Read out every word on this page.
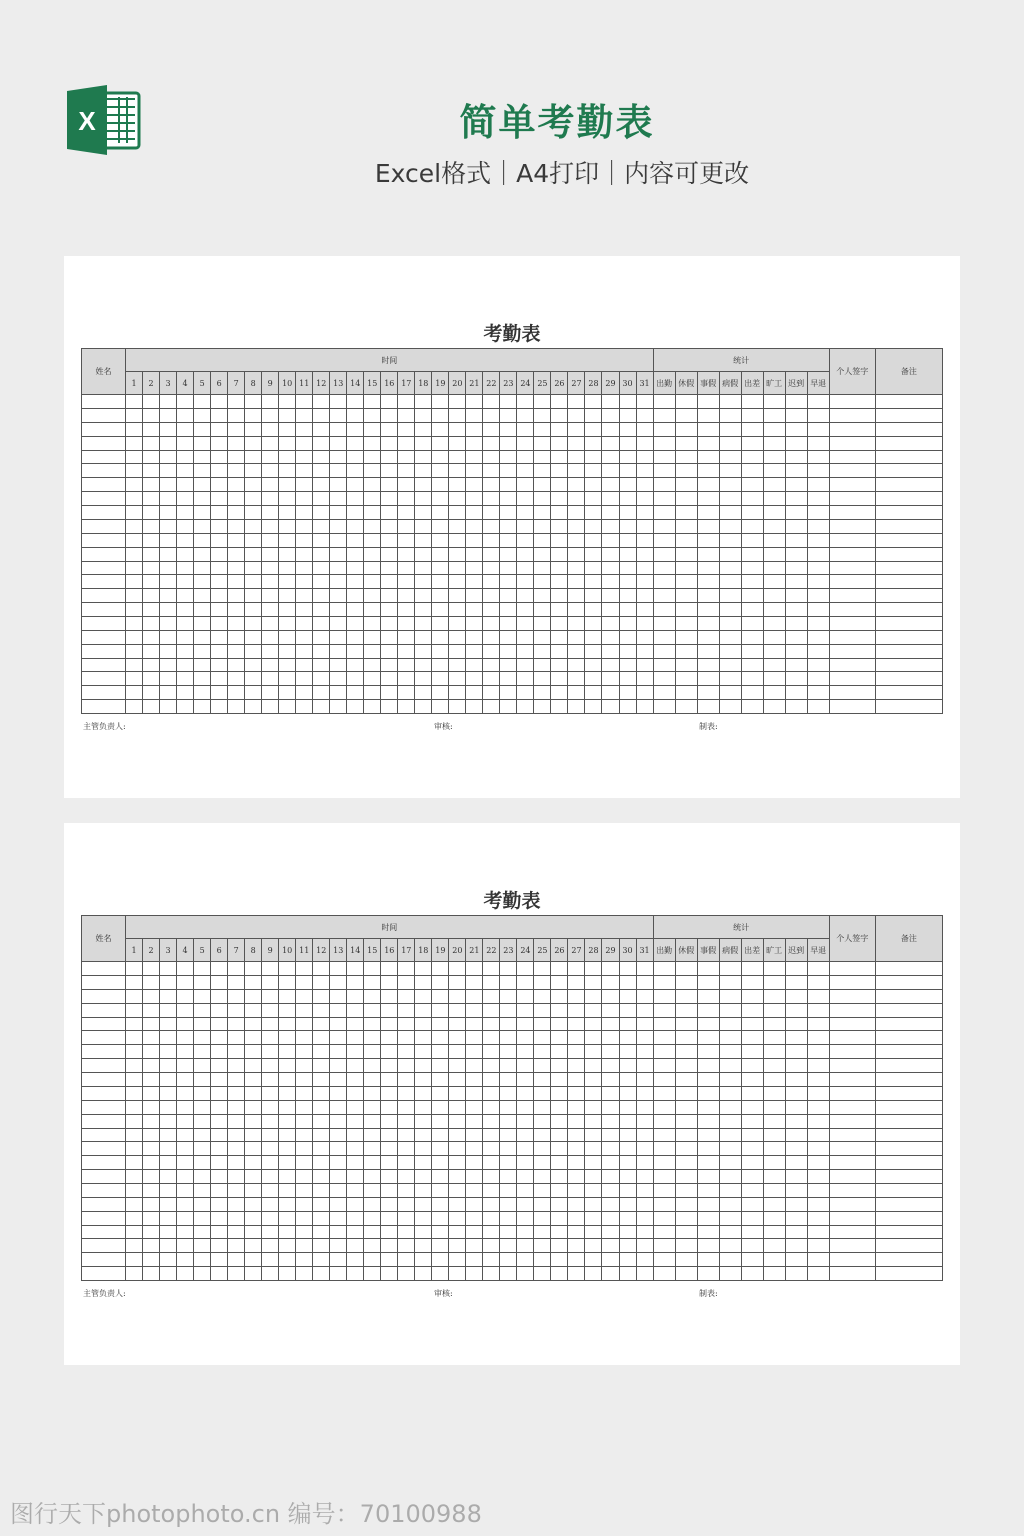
X	简单考勤表
Excel格式｜A4打印｜内容可更改
考勤表
姓名	时间																															统计								个人签字	备注
	1	2	3	4	5	6	7	8	9	10	11	12	13	14	15	16	17	18	19	20	21	22	23	24	25	26	27	28	29	30	31	出勤	休假	事假	病假	出差	旷工	迟到	早退		

主管负责人:	审核:	制表:
考勤表
姓名	时间																															统计								个人签字	备注
	1	2	3	4	5	6	7	8	9	10	11	12	13	14	15	16	17	18	19	20	21	22	23	24	25	26	27	28	29	30	31	出勤	休假	事假	病假	出差	旷工	迟到	早退		

主管负责人:	审核:	制表:
图行天下photophoto.cn 编号：70100988
